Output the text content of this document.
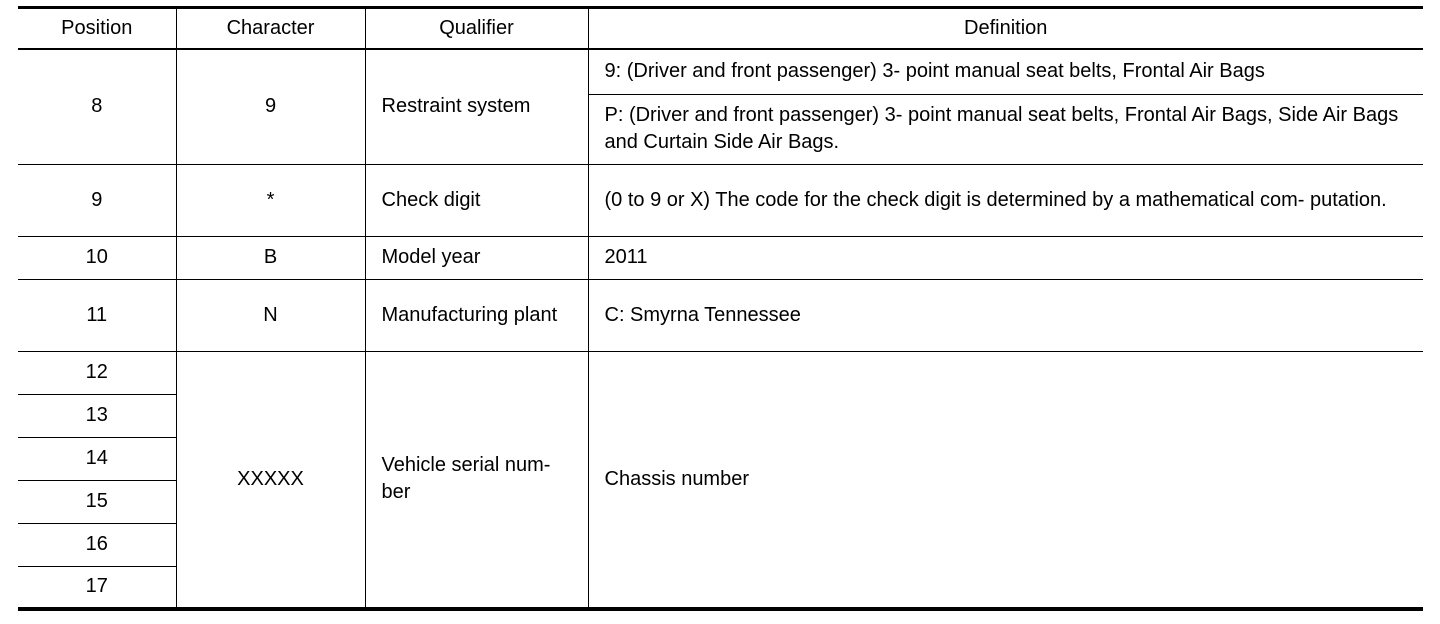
Position	Character	Qualifier	Definition
8	9	Restraint system	9: (Driver and front passenger) 3- point manual seat belts, Frontal Air Bags
			P: (Driver and front passenger) 3- point manual seat belts, Frontal Air Bags, Side Air Bags and Curtain Side Air Bags.
9	*	Check digit	(0 to 9 or X) The code for the check digit is determined by a mathematical com- putation.
10	B	Model year	2011
11	N	Manufacturing plant	C: Smyrna Tennessee
12	XXXXX	Vehicle serial num- ber	Chassis number
13			
14			
15			
16			
17			
